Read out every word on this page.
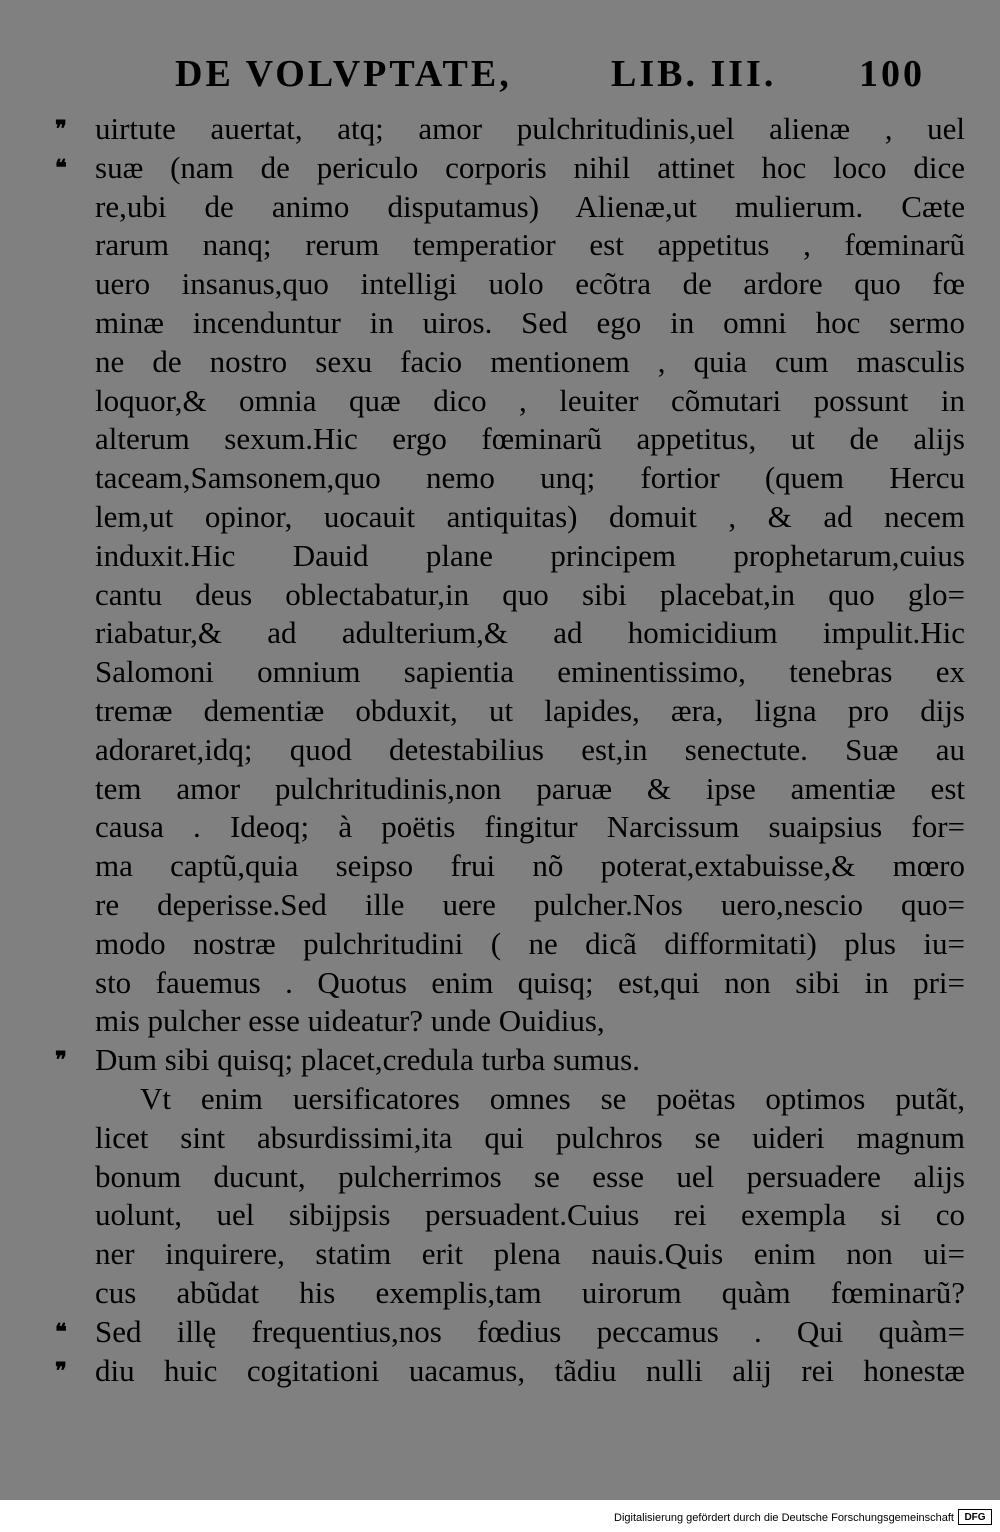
DE VOLVPTATE,	LIB. III. 100
❞
❝
❞
❝
❞
uirtute auertat, atq; amor pulchritudinis,uel alienæ , uel
suæ (nam de periculo corporis nihil attinet hoc loco dice
re,ubi de animo disputamus) Alienæ,ut mulierum. Cæte
rarum nanq; rerum temperatior est appetitus , fœminarũ
uero insanus,quo intelligi uolo ecõtra de ardore quo fœ
minæ incenduntur in uiros. Sed ego in omni hoc sermo
ne de nostro sexu facio mentionem , quia cum masculis
loquor,& omnia quæ dico , leuiter cõmutari possunt in
alterum sexum.Hic ergo fœminarũ appetitus, ut de alijs
taceam,Samsonem,quo nemo unq; fortior (quem Hercu
lem,ut opinor, uocauit antiquitas) domuit , & ad necem
induxit.Hic Dauid plane principem prophetarum,cuius
cantu deus oblectabatur,in quo sibi placebat,in quo glo=
riabatur,& ad adulterium,& ad homicidium impulit.Hic
Salomoni omnium sapientia eminentissimo, tenebras ex
tremæ dementiæ obduxit, ut lapides, æra, ligna pro dijs
adoraret,idq; quod detestabilius est,in senectute. Suæ au
tem amor pulchritudinis,non paruæ & ipse amentiæ est
causa . Ideoq; à poëtis fingitur Narcissum suaipsius for=
ma captũ,quia seipso frui nõ poterat,extabuisse,& mœro
re deperisse.Sed ille uere pulcher.Nos uero,nescio quo=
modo nostræ pulchritudini ( ne dicã difformitati) plus iu=
sto fauemus . Quotus enim quisq; est,qui non sibi in pri=
mis pulcher esse uideatur? unde Ouidius,
Dum sibi quisq; placet,credula turba sumus.
Vt enim uersificatores omnes se poëtas optimos putãt,
licet sint absurdissimi,ita qui pulchros se uideri magnum
bonum ducunt, pulcherrimos se esse uel persuadere alijs
uolunt, uel sibijpsis persuadent.Cuius rei exempla si co
ner inquirere, statim erit plena nauis.Quis enim non ui=
cus abũdat his exemplis,tam uirorum quàm fœminarũ?
Sed illę frequentius,nos fœdius peccamus . Qui quàm=
diu huic cogitationi uacamus, tãdiu nulli alij rei honestæ
Digitalisierung gefördert durch die Deutsche Forschungsgemeinschaft	DFG
